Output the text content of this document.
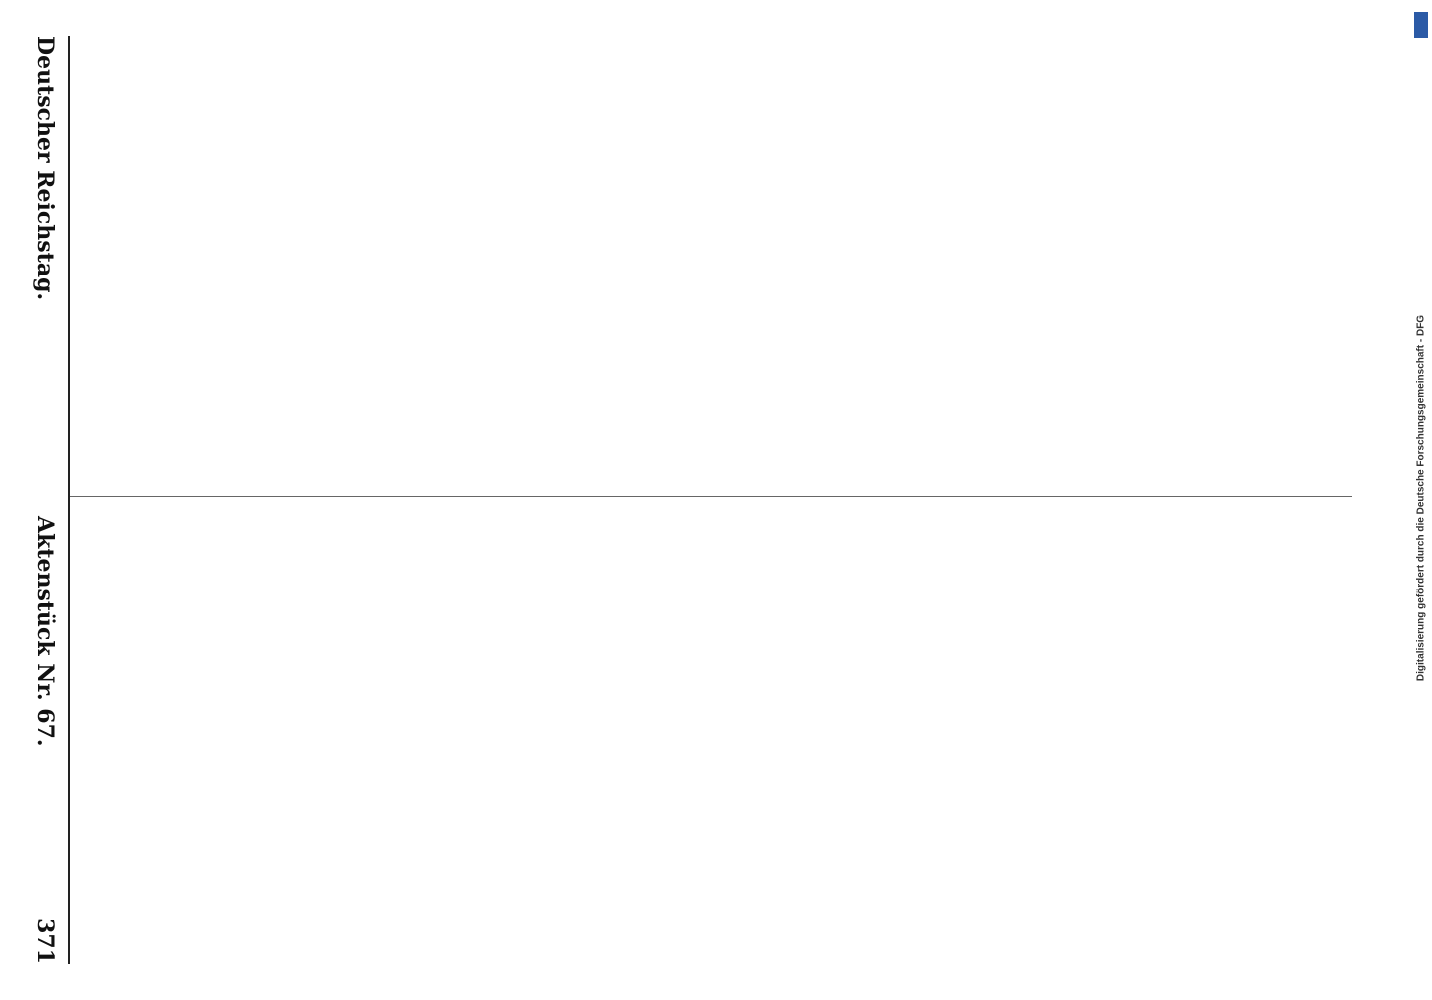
Deutscher Reichstag.
Aktenstück Nr. 67.
371
Digitalisierung gefördert durch die Deutsche Forschungsgemeinschaft - DFG
